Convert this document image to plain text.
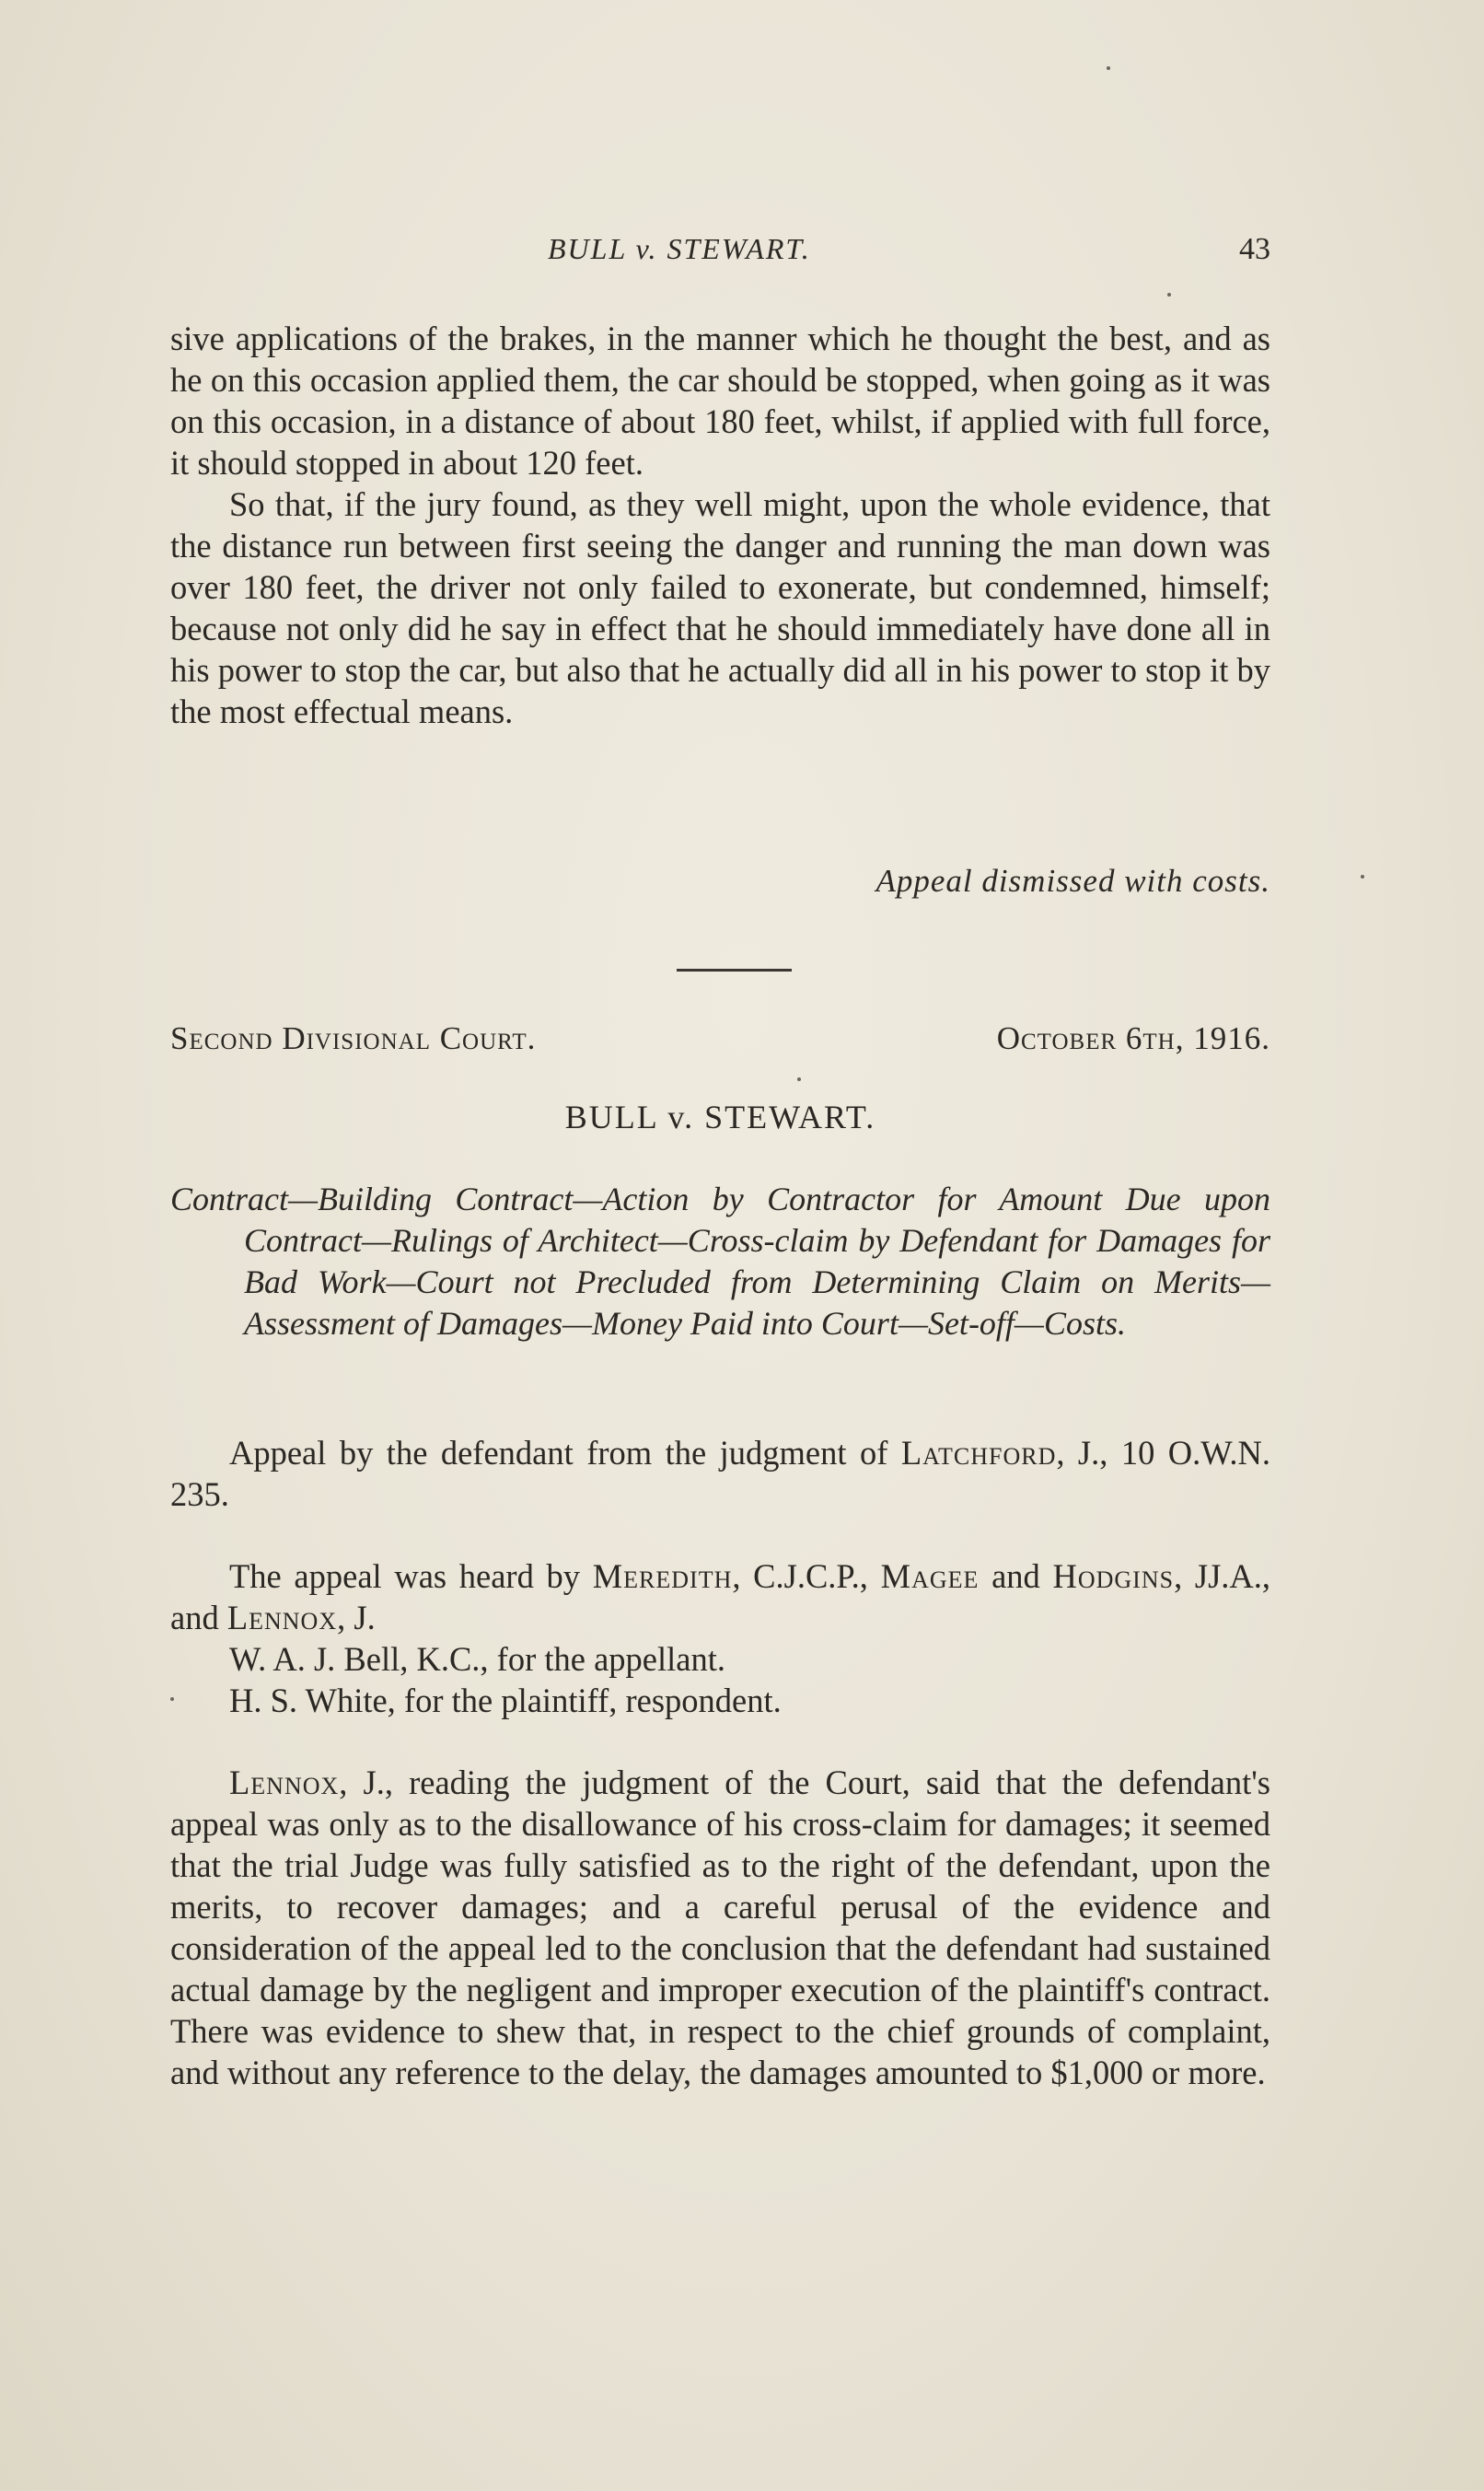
BULL v. STEWART.	43

sive applications of the brakes, in the manner which he thought the best, and as he on this occasion applied them, the car should be stopped, when going as it was on this occasion, in a distance of about 180 feet, whilst, if applied with full force, it should stopped in about 120 feet.

So that, if the jury found, as they well might, upon the whole evidence, that the distance run between first seeing the danger and running the man down was over 180 feet, the driver not only failed to exonerate, but condemned, himself; because not only did he say in effect that he should immediately have done all in his power to stop the car, but also that he actually did all in his power to stop it by the most effectual means.

Appeal dismissed with costs.
Second Divisional Court.	October 6th, 1916.
BULL v. STEWART.
Contract—Building Contract—Action by Contractor for Amount Due upon Contract—Rulings of Architect—Cross-claim by Defendant for Damages for Bad Work—Court not Precluded from Determining Claim on Merits—Assessment of Damages—Money Paid into Court—Set-off—Costs.

Appeal by the defendant from the judgment of Latchford, J., 10 O.W.N. 235.

The appeal was heard by Meredith, C.J.C.P., Magee and Hodgins, JJ.A., and Lennox, J.

W. A. J. Bell, K.C., for the appellant.

H. S. White, for the plaintiff, respondent.

Lennox, J., reading the judgment of the Court, said that the defendant's appeal was only as to the disallowance of his cross-claim for damages; it seemed that the trial Judge was fully satisfied as to the right of the defendant, upon the merits, to recover damages; and a careful perusal of the evidence and consideration of the appeal led to the conclusion that the defendant had sustained actual damage by the negligent and improper execution of the plaintiff's contract. There was evidence to shew that, in respect to the chief grounds of complaint, and without any reference to the delay, the damages amounted to $1,000 or more.
